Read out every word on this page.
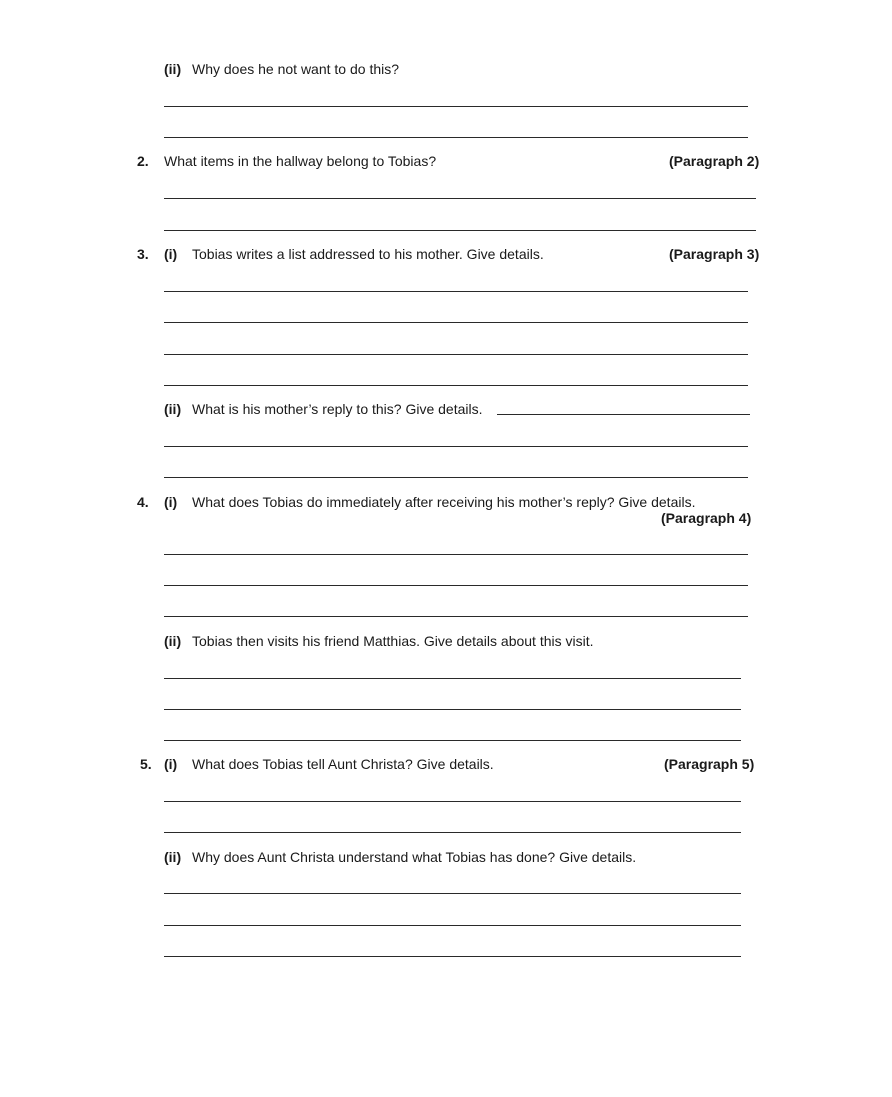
(ii) Why does he not want to do this?
2. What items in the hallway belong to Tobias?	(Paragraph 2)
3. (i) Tobias writes a list addressed to his mother. Give details.	(Paragraph 3)
(ii) What is his mother’s reply to this? Give details.
4. (i) What does Tobias do immediately after receiving his mother’s reply? Give details.
(Paragraph 4)
(ii) Tobias then visits his friend Matthias. Give details about this visit.
5. (i) What does Tobias tell Aunt Christa? Give details.	(Paragraph 5)
(ii) Why does Aunt Christa understand what Tobias has done? Give details.
